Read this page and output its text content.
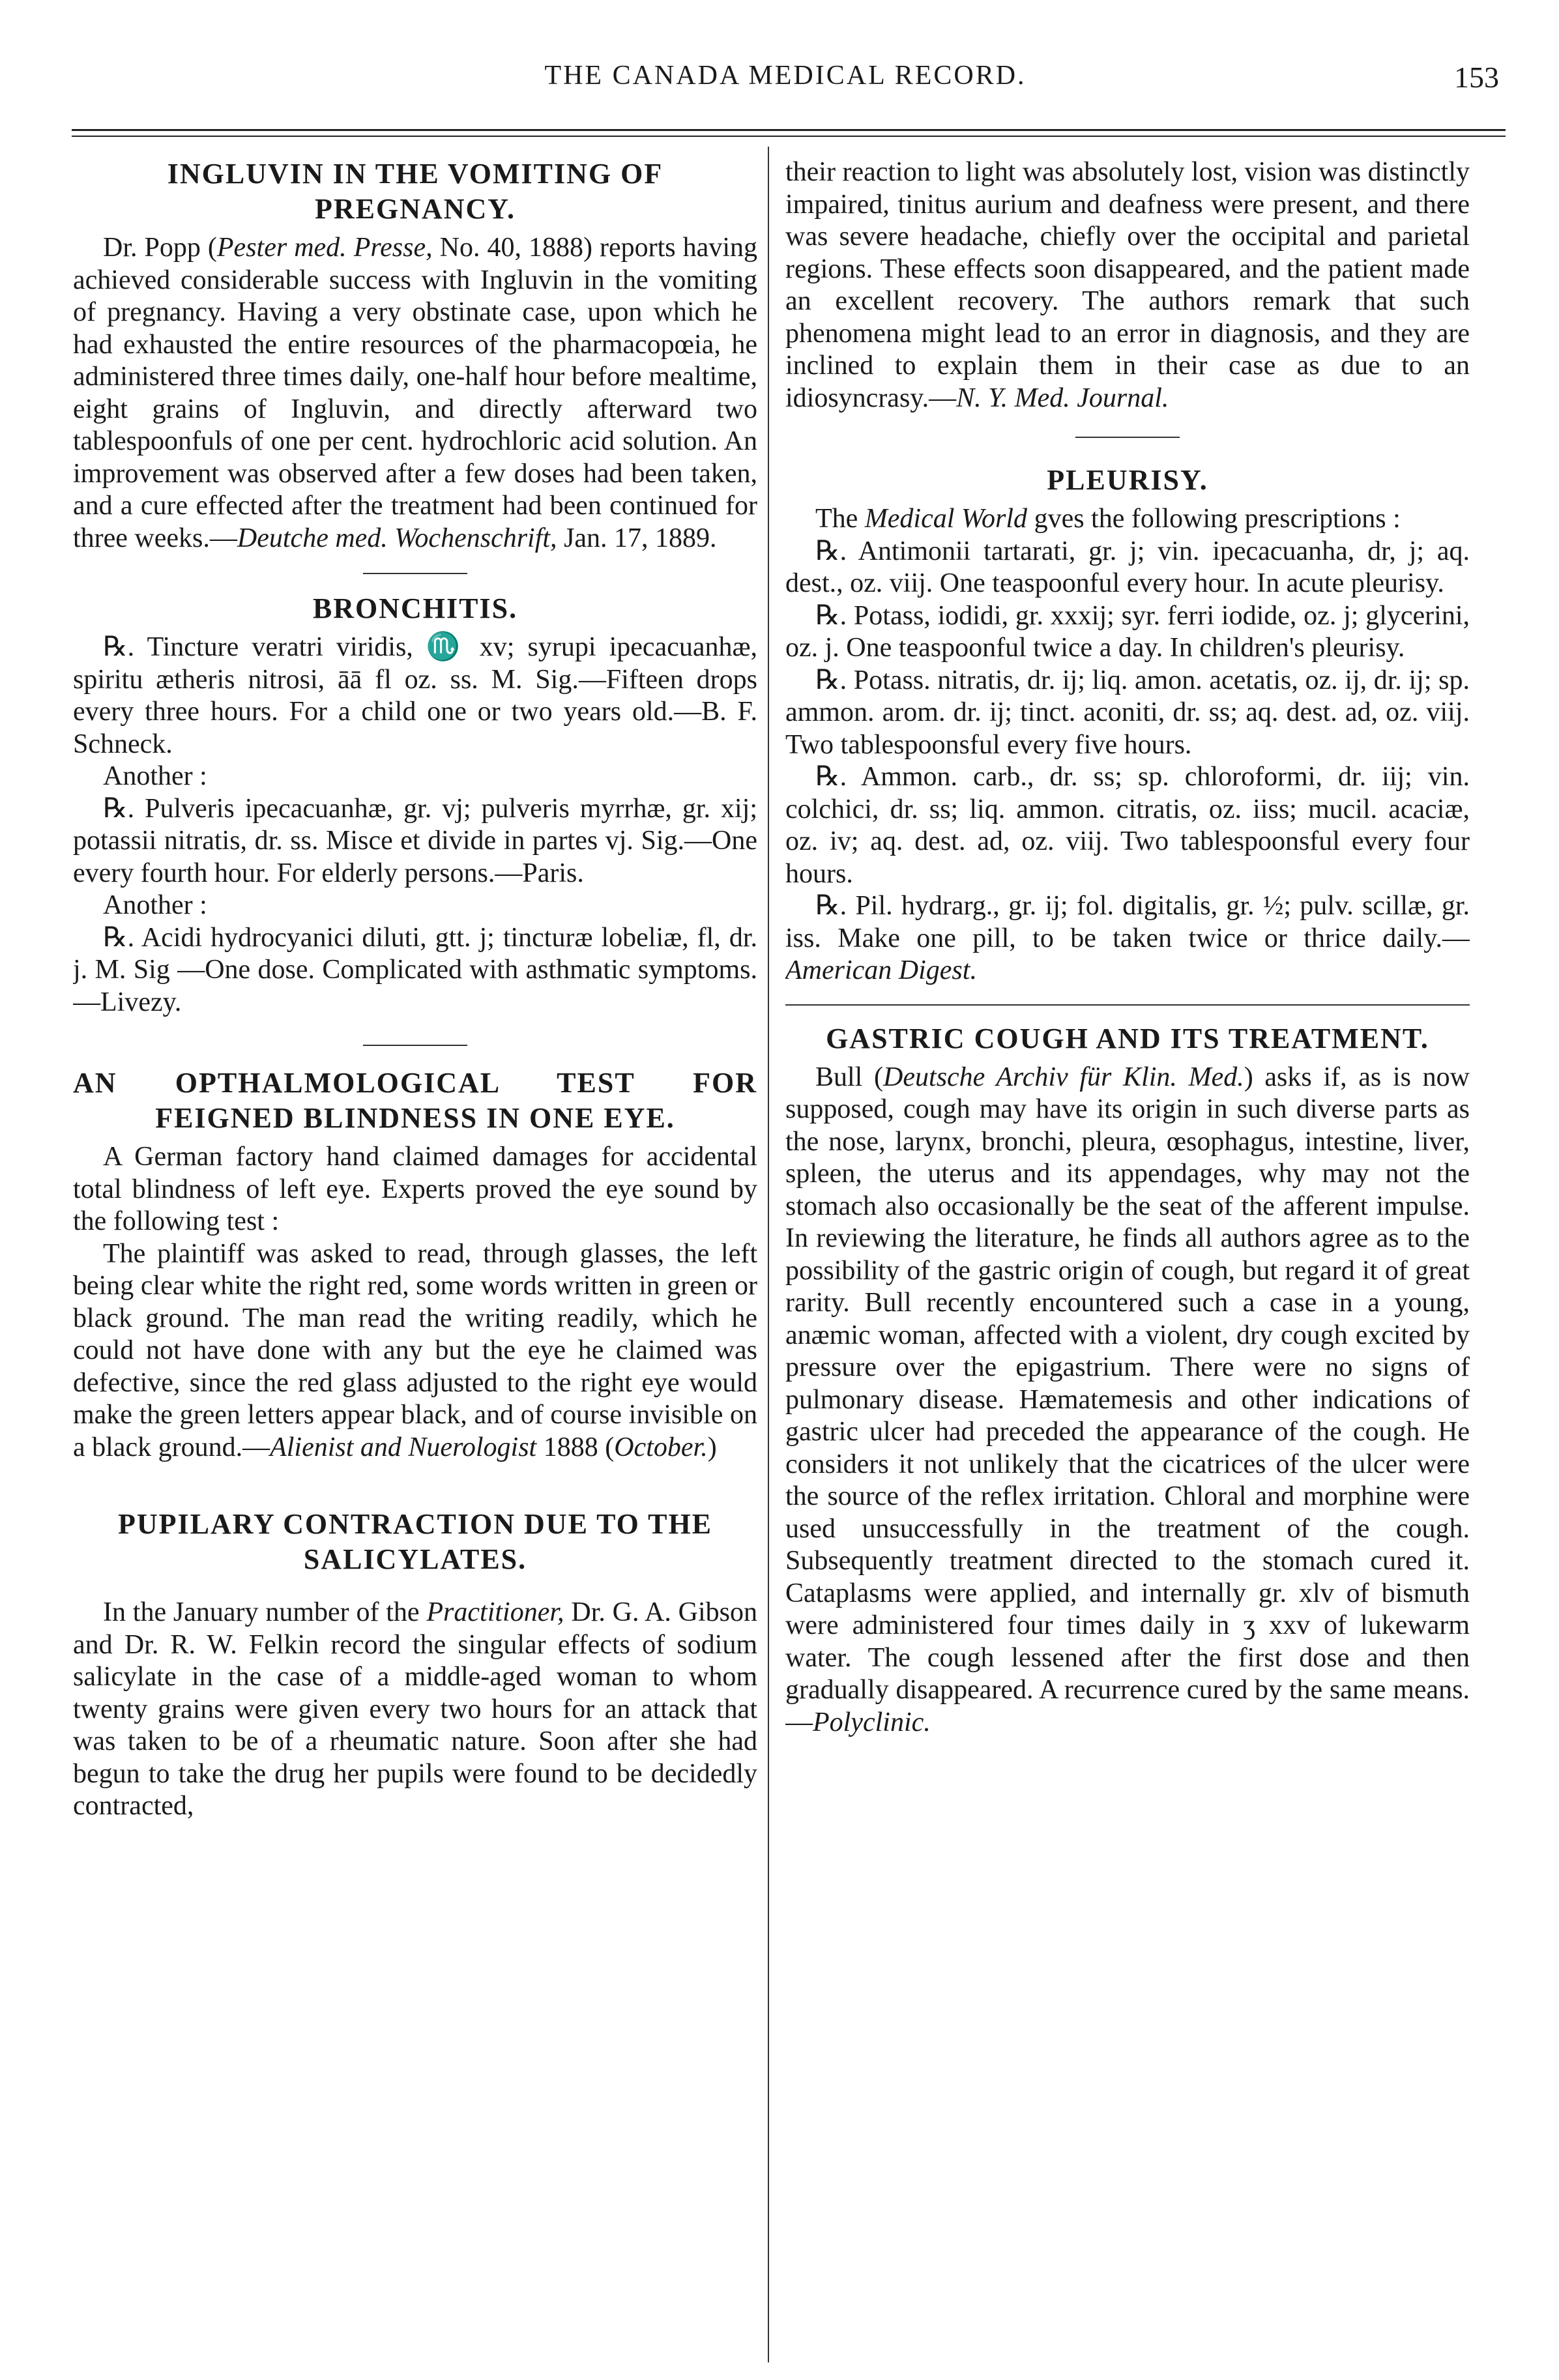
THE CANADA MEDICAL RECORD.	153
INGLUVIN IN THE VOMITING OF
PREGNANCY.

Dr. Popp (Pester med. Presse, No. 40, 1888) reports having achieved considerable success with Ingluvin in the vomiting of pregnancy. Having a very obstinate case, upon which he had exhausted the entire resources of the pharmacopœia, he administered three times daily, one-half hour before mealtime, eight grains of Ingluvin, and directly afterward two tablespoonfuls of one per cent. hydrochloric acid solution. An improvement was observed after a few doses had been taken, and a cure effected after the treatment had been continued for three weeks.—Deutche med. Wochenschrift, Jan. 17, 1889.

BRONCHITIS.

℞. Tincture veratri viridis, ♏ xv; syrupi ipecacuanhæ, spiritu ætheris nitrosi, āā fl oz. ss. M. Sig.—Fifteen drops every three hours. For a child one or two years old.—B. F. Schneck.

Another :

℞. Pulveris ipecacuanhæ, gr. vj; pulveris myrrhæ, gr. xij; potassii nitratis, dr. ss. Misce et divide in partes vj. Sig.—One every fourth hour. For elderly persons.—Paris.

Another :

℞. Acidi hydrocyanici diluti, gtt. j; tincturæ lobeliæ, fl, dr. j. M. Sig —One dose. Complicated with asthmatic symptoms.—Livezy.

AN OPTHALMOLOGICAL TEST FOR
FEIGNED BLINDNESS IN ONE EYE.

A German factory hand claimed damages for accidental total blindness of left eye. Experts proved the eye sound by the following test :

The plaintiff was asked to read, through glasses, the left being clear white the right red, some words written in green or black ground. The man read the writing readily, which he could not have done with any but the eye he claimed was defective, since the red glass adjusted to the right eye would make the green letters appear black, and of course invisible on a black ground.—Alienist and Nuerologist 1888 (October.)

PUPILARY CONTRACTION DUE TO THE
SALICYLATES.

In the January number of the Practitioner, Dr. G. A. Gibson and Dr. R. W. Felkin record the singular effects of sodium salicylate in the case of a middle-aged woman to whom twenty grains were given every two hours for an attack that was taken to be of a rheumatic nature. Soon after she had begun to take the drug her pupils were found to be decidedly contracted,

their reaction to light was absolutely lost, vision was distinctly impaired, tinitus aurium and deafness were present, and there was severe headache, chiefly over the occipital and parietal regions. These effects soon disappeared, and the patient made an excellent recovery. The authors remark that such phenomena might lead to an error in diagnosis, and they are inclined to explain them in their case as due to an idiosyncrasy.—N. Y. Med. Journal.

PLEURISY.

The Medical World gves the following prescriptions :

℞. Antimonii tartarati, gr. j; vin. ipecacuanha, dr, j; aq. dest., oz. viij. One teaspoonful every hour. In acute pleurisy.

℞. Potass, iodidi, gr. xxxij; syr. ferri iodide, oz. j; glycerini, oz. j. One teaspoonful twice a day. In children's pleurisy.

℞. Potass. nitratis, dr. ij; liq. amon. acetatis, oz. ij, dr. ij; sp. ammon. arom. dr. ij; tinct. aconiti, dr. ss; aq. dest. ad, oz. viij. Two tablespoonsful every five hours.

℞. Ammon. carb., dr. ss; sp. chloroformi, dr. iij; vin. colchici, dr. ss; liq. ammon. citratis, oz. iiss; mucil. acaciæ, oz. iv; aq. dest. ad, oz. viij. Two tablespoonsful every four hours.

℞. Pil. hydrarg., gr. ij; fol. digitalis, gr. ½; pulv. scillæ, gr. iss. Make one pill, to be taken twice or thrice daily.—American Digest.

GASTRIC COUGH AND ITS TREATMENT.

Bull (Deutsche Archiv für Klin. Med.) asks if, as is now supposed, cough may have its origin in such diverse parts as the nose, larynx, bronchi, pleura, œsophagus, intestine, liver, spleen, the uterus and its appendages, why may not the stomach also occasionally be the seat of the afferent impulse. In reviewing the literature, he finds all authors agree as to the possibility of the gastric origin of cough, but regard it of great rarity. Bull recently encountered such a case in a young, anæmic woman, affected with a violent, dry cough excited by pressure over the epigastrium. There were no signs of pulmonary disease. Hæmatemesis and other indications of gastric ulcer had preceded the appearance of the cough. He considers it not unlikely that the cicatrices of the ulcer were the source of the reflex irritation. Chloral and morphine were used unsuccessfully in the treatment of the cough. Subsequently treatment directed to the stomach cured it. Cataplasms were applied, and internally gr. xlv of bismuth were administered four times daily in ʒ xxv of lukewarm water. The cough lessened after the first dose and then gradually disappeared. A recurrence cured by the same means.—Polyclinic.
